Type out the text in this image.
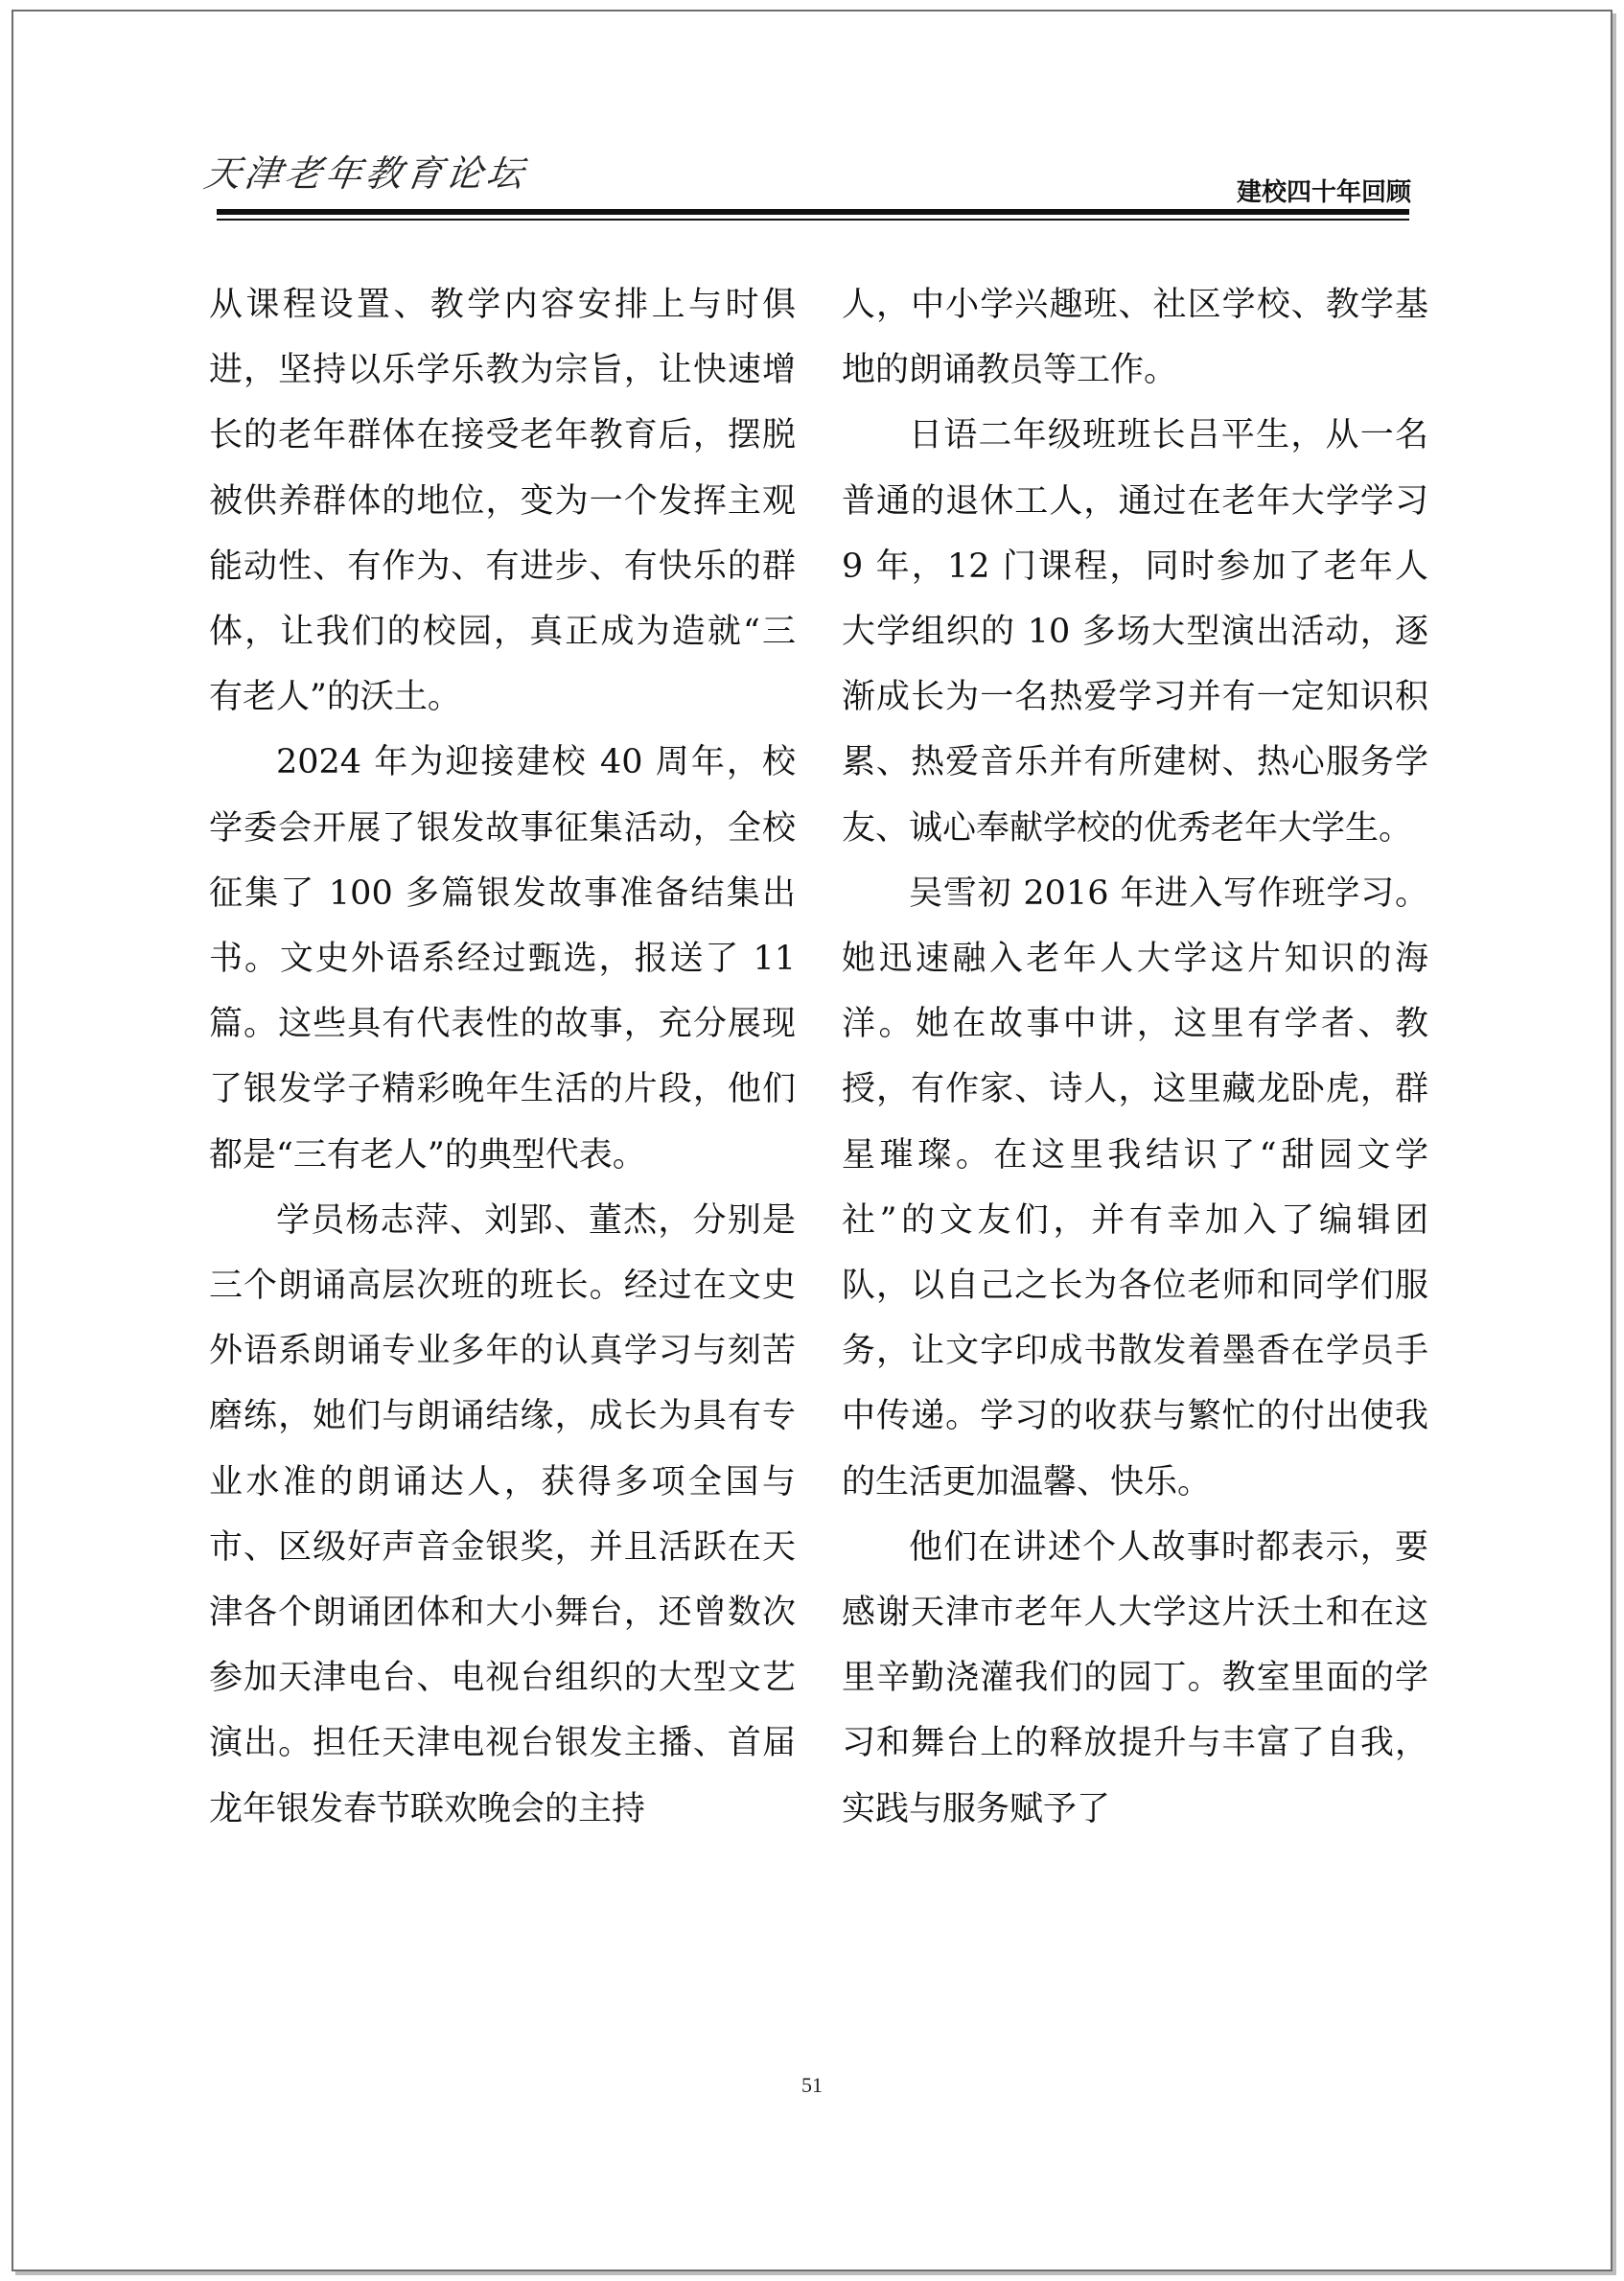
天津老年教育论坛	建校四十年回顾

从课程设置、教学内容安排上与时俱进，坚持以乐学乐教为宗旨，让快速增长的老年群体在接受老年教育后，摆脱被供养群体的地位，变为一个发挥主观能动性、有作为、有进步、有快乐的群体，让我们的校园，真正成为造就“三有老人”的沃土。

2024 年为迎接建校 40 周年，校学委会开展了银发故事征集活动，全校征集了 100 多篇银发故事准备结集出书。文史外语系经过甄选，报送了 11 篇。这些具有代表性的故事，充分展现了银发学子精彩晚年生活的片段，他们都是“三有老人”的典型代表。

学员杨志萍、刘郢、董杰，分别是三个朗诵高层次班的班长。经过在文史外语系朗诵专业多年的认真学习与刻苦磨练，她们与朗诵结缘，成长为具有专业水准的朗诵达人，获得多项全国与市、区级好声音金银奖，并且活跃在天津各个朗诵团体和大小舞台，还曾数次参加天津电台、电视台组织的大型文艺演出。担任天津电视台银发主播、首届龙年银发春节联欢晚会的主持

人，中小学兴趣班、社区学校、教学基地的朗诵教员等工作。

日语二年级班班长吕平生，从一名普通的退休工人，通过在老年大学学习 9 年，12 门课程，同时参加了老年人大学组织的 10 多场大型演出活动，逐渐成长为一名热爱学习并有一定知识积累、热爱音乐并有所建树、热心服务学友、诚心奉献学校的优秀老年大学生。

吴雪初 2016 年进入写作班学习。她迅速融入老年人大学这片知识的海洋。她在故事中讲，这里有学者、教授，有作家、诗人，这里藏龙卧虎，群星璀璨。在这里我结识了“甜园文学社”的文友们，并有幸加入了编辑团队，以自己之长为各位老师和同学们服务，让文字印成书散发着墨香在学员手中传递。学习的收获与繁忙的付出使我的生活更加温馨、快乐。

他们在讲述个人故事时都表示，要感谢天津市老年人大学这片沃土和在这里辛勤浇灌我们的园丁。教室里面的学习和舞台上的释放提升与丰富了自我，实践与服务赋予了

51
